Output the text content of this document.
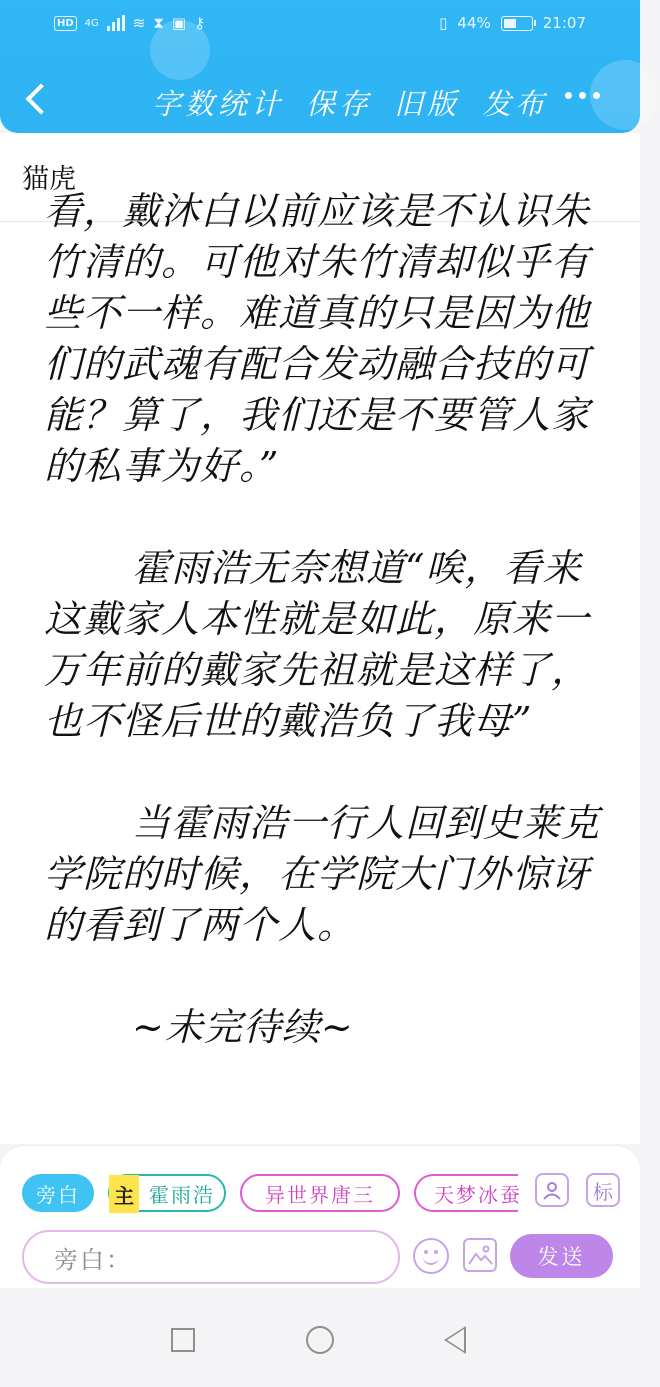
HD	4G ≋ ⧗ ▣ ⚷	▯ 44%	21:07
字数统计 保存 旧版 发布
猫虎

看，戴沐白以前应该是不认识朱竹清的。可他对朱竹清却似乎有些不一样。难道真的只是因为他们的武魂有配合发动融合技的可能？算了，我们还是不要管人家的私事为好。”

霍雨浩无奈想道“唉，看来这戴家人本性就是如此，原来一万年前的戴家先祖就是这样了，也不怪后世的戴浩负了我母”

当霍雨浩一行人回到史莱克学院的时候，在学院大门外惊讶的看到了两个人。

~未完待续~

旁白	主 霍雨浩	异世界唐三	天梦冰蚕	标
旁白：	发送
